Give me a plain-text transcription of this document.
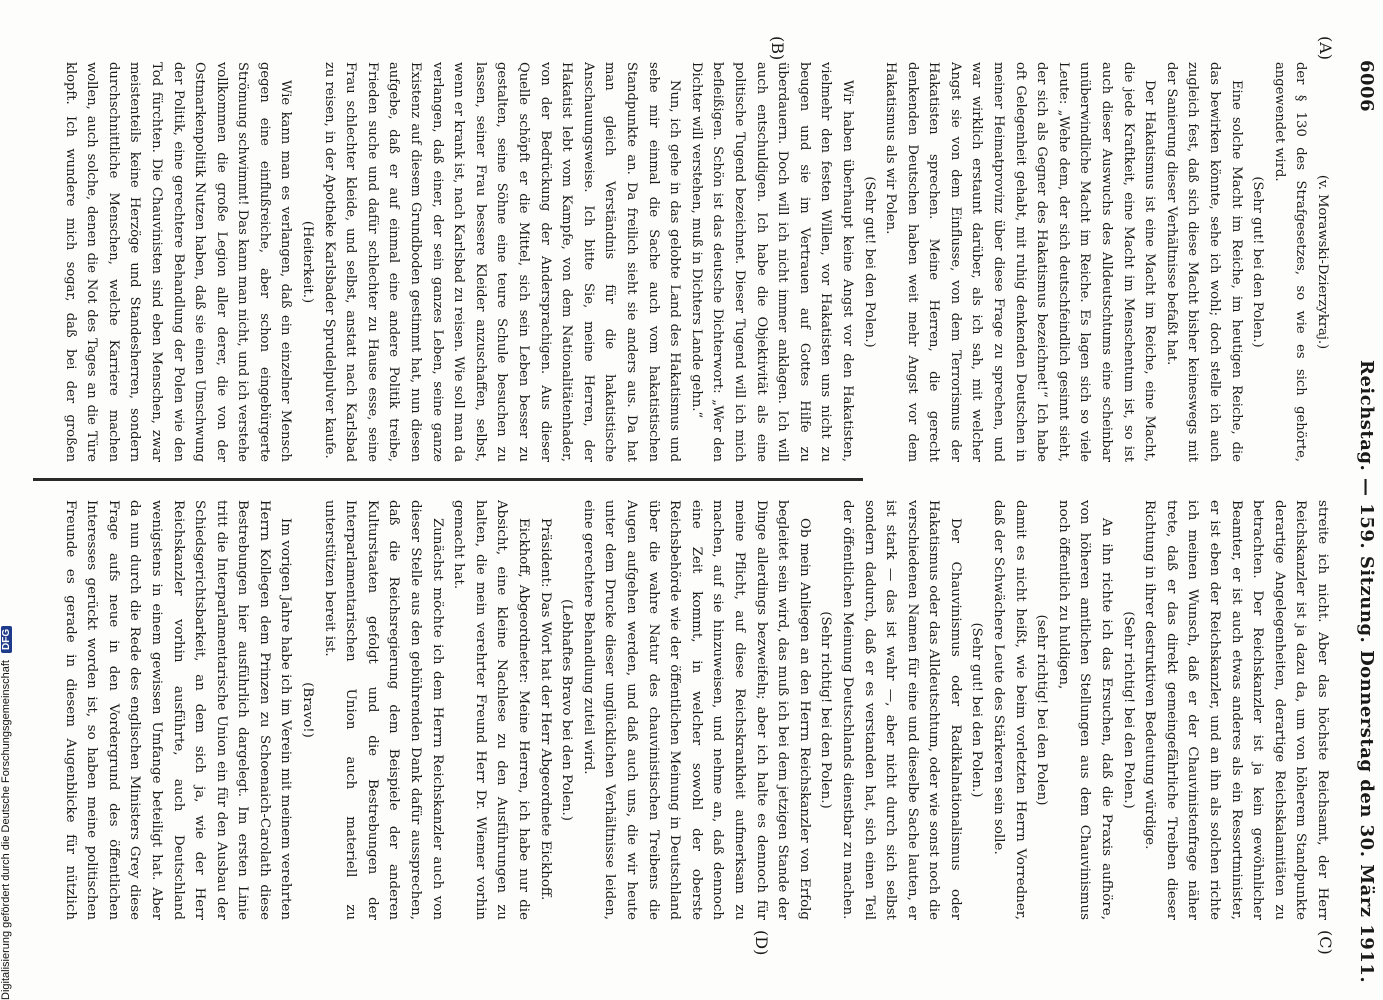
6006
Reichstag. — 159. Sitzung. Donnerstag den 30. März 1911.
(A)
(B)
(C)
(D)

(v. Morawski-Dzierzykraj.)

der § 130 des Strafgesetzes, so wie es sich gehörte, angewendet wird.

(Sehr gut! bei den Polen.)

Eine solche Macht im Reiche, im heutigen Reiche, die das bewirken könnte, sehe ich wohl; doch stelle ich auch zugleich fest, daß sich diese Macht bisher keineswegs mit der Sanierung dieser Verhältnisse befaßt hat.

Der Hakatismus ist eine Macht im Reiche, eine Macht, die jede Kraftkeit, eine Macht im Menschentum ist, so ist auch dieser Auswuchs des Alldeutschtums eine scheinbar unüberwindliche Macht im Reiche. Es lagen sich so viele Leute: „Wehe dem, der sich deutschfeindlich gesinnt sieht, der sich als Gegner des Hakatismus bezeichnet!“ Ich habe oft Gelegenheit gehabt, mit ruhig denkenden Deutschen in meiner Heimatprovinz über diese Frage zu sprechen, und war wirklich erstaunt darüber, als ich sah, mit welcher Angst sie von dem Einflusse, von dem Terrorismus der Hakatisten sprechen. Meine Herren, die gerecht denkenden Deutschen haben weit mehr Angst vor dem Hakatismus als wir Polen.

(Sehr gut! bei den Polen.)

Wir haben überhaupt keine Angst vor den Hakatisten, vielmehr den festen Willen, vor Hakatisten uns nicht zu beugen und sie im Vertrauen auf Gottes Hilfe zu überdauern. Doch will ich nicht immer anklagen. Ich will auch entschuldigen. Ich habe die Objektivität als eine politische Tugend bezeichnet. Dieser Tugend will ich mich befleißigen. Schön ist das deutsche Dichterwort: „Wer den Dichter will verstehen, muß in Dichters Lande gehn.“

Nun, ich gehe in das gelobte Land des Hakatismus und sehe mir einmal die Sache auch vom hakatistischen Standpunkte an. Da freilich sieht sie anders aus. Da hat man gleich Verständnis für die hakatistische Anschauungsweise. Ich bitte Sie, meine Herren, der Hakatist lebt vom Kampfe, von dem Nationalitätenhader, von der Bedrückung der Andersprachigen. Aus dieser Quelle schöpft er die Mittel, sich sein Leben besser zu gestalten, seine Söhne eine teure Schule besuchen zu lassen, seiner Frau bessere Kleider anzuschaffen, selbst, wenn er krank ist, nach Karlsbad zu reisen. Wie soll man da verlangen, daß einer, der sein ganzes Leben, seine ganze Existenz auf diesem Grundboden gestimmt hat, nun diesen aufgebe, daß er auf einmal eine andere Politik treibe, Frieden suche und dafür schlechter zu Hause esse, seine Frau schlechter kleide, und selbst, anstatt nach Karlsbad zu reisen, in der Apotheke Karlsbader Sprudelpulver kaufe.

(Heiterkeit.)

Wie kann man es verlangen, daß ein einzelner Mensch gegen eine einflußreiche, aber schon eingebürgerte Strömung schwimmt! Das kann man nicht, und ich verstehe vollkommen die große Legion aller derer, die von der Ostmarkenpolitik Nutzen haben, daß sie einen Umschwung der Politik, eine gerechtere Behandlung der Polen wie den Tod fürchten. Die Chauvinisten sind eben Menschen, zwar meistenteils keine Herzöge und Standesherren, sondern durchschnittliche Menschen, welche Karriere machen wollen, auch solche, denen die Not des Tages an die Türe klopft. Ich wundere mich sogar, daß bei der großen

streite ich nicht. Aber das höchste Reichsamt, der Herr Reichskanzler ist ja dazu da, um von höherem Standpunkte derartige Angelegenheiten, derartige Reichskalamitäten zu betrachten. Der Reichskanzler ist ja kein gewöhnlicher Beamter, er ist auch etwas anderes als ein Ressortminister, er ist eben der Reichskanzler, und an ihn als solchen richte ich meinen Wunsch, daß er der Chauvinistenfrage näher trete, daß er das direkt gemeingefährliche Treiben dieser Richtung in ihrer destruktiven Bedeutung würdige.

(Sehr richtig! bei den Polen.)

An ihn richte ich das Ersuchen, daß die Praxis aufhöre, von höheren amtlichen Stellungen aus dem Chauvinismus noch öffentlich zu huldigen,

(sehr richtig! bei den Polen)

damit es nicht heißt, wie beim vorletzten Herrn Vorredner, daß der Schwächere Leute des Stärkeren sein solle.

(Sehr gut! bei den Polen.)

Der Chauvinismus oder Radikalnationalismus oder Hakatismus oder das Alldeutschtum, oder wie sonst noch die verschiedenen Namen für eine und dieselbe Sache lauten, er ist stark — das ist wahr —, aber nicht durch sich selbst sondern dadurch, daß er es verstanden hat, sich einen Teil der öffentlichen Meinung Deutschlands dienstbar zu machen.

(Sehr richtig! bei den Polen.)

Ob mein Anliegen an den Herrn Reichskanzler von Erfolg begleitet sein wird, das muß ich bei dem jetzigen Stande der Dinge allerdings bezweifeln; aber ich halte es dennoch für meine Pflicht, auf diese Reichskrankheit aufmerksam zu machen, auf sie hinzuweisen, und nehme an, daß dennoch eine Zeit kommt, in welcher sowohl der oberste Reichsbehörde wie der öffentlichen Meinung in Deutschland über die wahre Natur des chauvinistischen Treibens die Augen aufgehen werden, und daß auch uns, die wir heute unter dem Drucke dieser unglücklichen Verhältnisse leiden, eine gerechtere Behandlung zuteil wird.

(Lebhaftes Bravo bei den Polen.)

Präsident: Das Wort hat der Herr Abgeordnete Eickhoff.

Eickhoff, Abgeordneter: Meine Herren, ich habe nur die Absicht, eine kleine Nachlese zu den Ausführungen zu halten, die mein verehrter Freund Herr Dr. Wiemer vorhin gemacht hat.

Zunächst möchte ich dem Herrn Reichskanzler auch von dieser Stelle aus den gebührenden Dank dafür aussprechen, daß die Reichsregierung dem Beispiele der anderen Kulturstaaten gefolgt und die Bestrebungen der Interparlamentarischen Union auch materiell zu unterstützen bereit ist.

(Bravo!)

Im vorigen Jahre habe ich im Verein mit meinem verehrten Herrn Kollegen dem Prinzen zu Schoenaich-Carolath diese Bestrebungen hier ausführlich dargelegt. Im ersten Linie tritt die Interparlamentarische Union ein für den Ausbau der Schiedsgerichtsbarkeit, an dem sich ja, wie der Herr Reichskanzler vorhin ausführte, auch Deutschland wenigstens in einem gewissen Umfange beteiligt hat. Aber da nun durch die Rede des englischen Ministers Grey diese Frage aufs neue in den Vordergrund des öffentlichen Interesses gerückt worden ist, so haben meine politischen Freunde es gerade in diesem Augenblicke für nützlich

Digitalisierung gefördert durch die Deutsche Forschungsgemeinschaft DFG
